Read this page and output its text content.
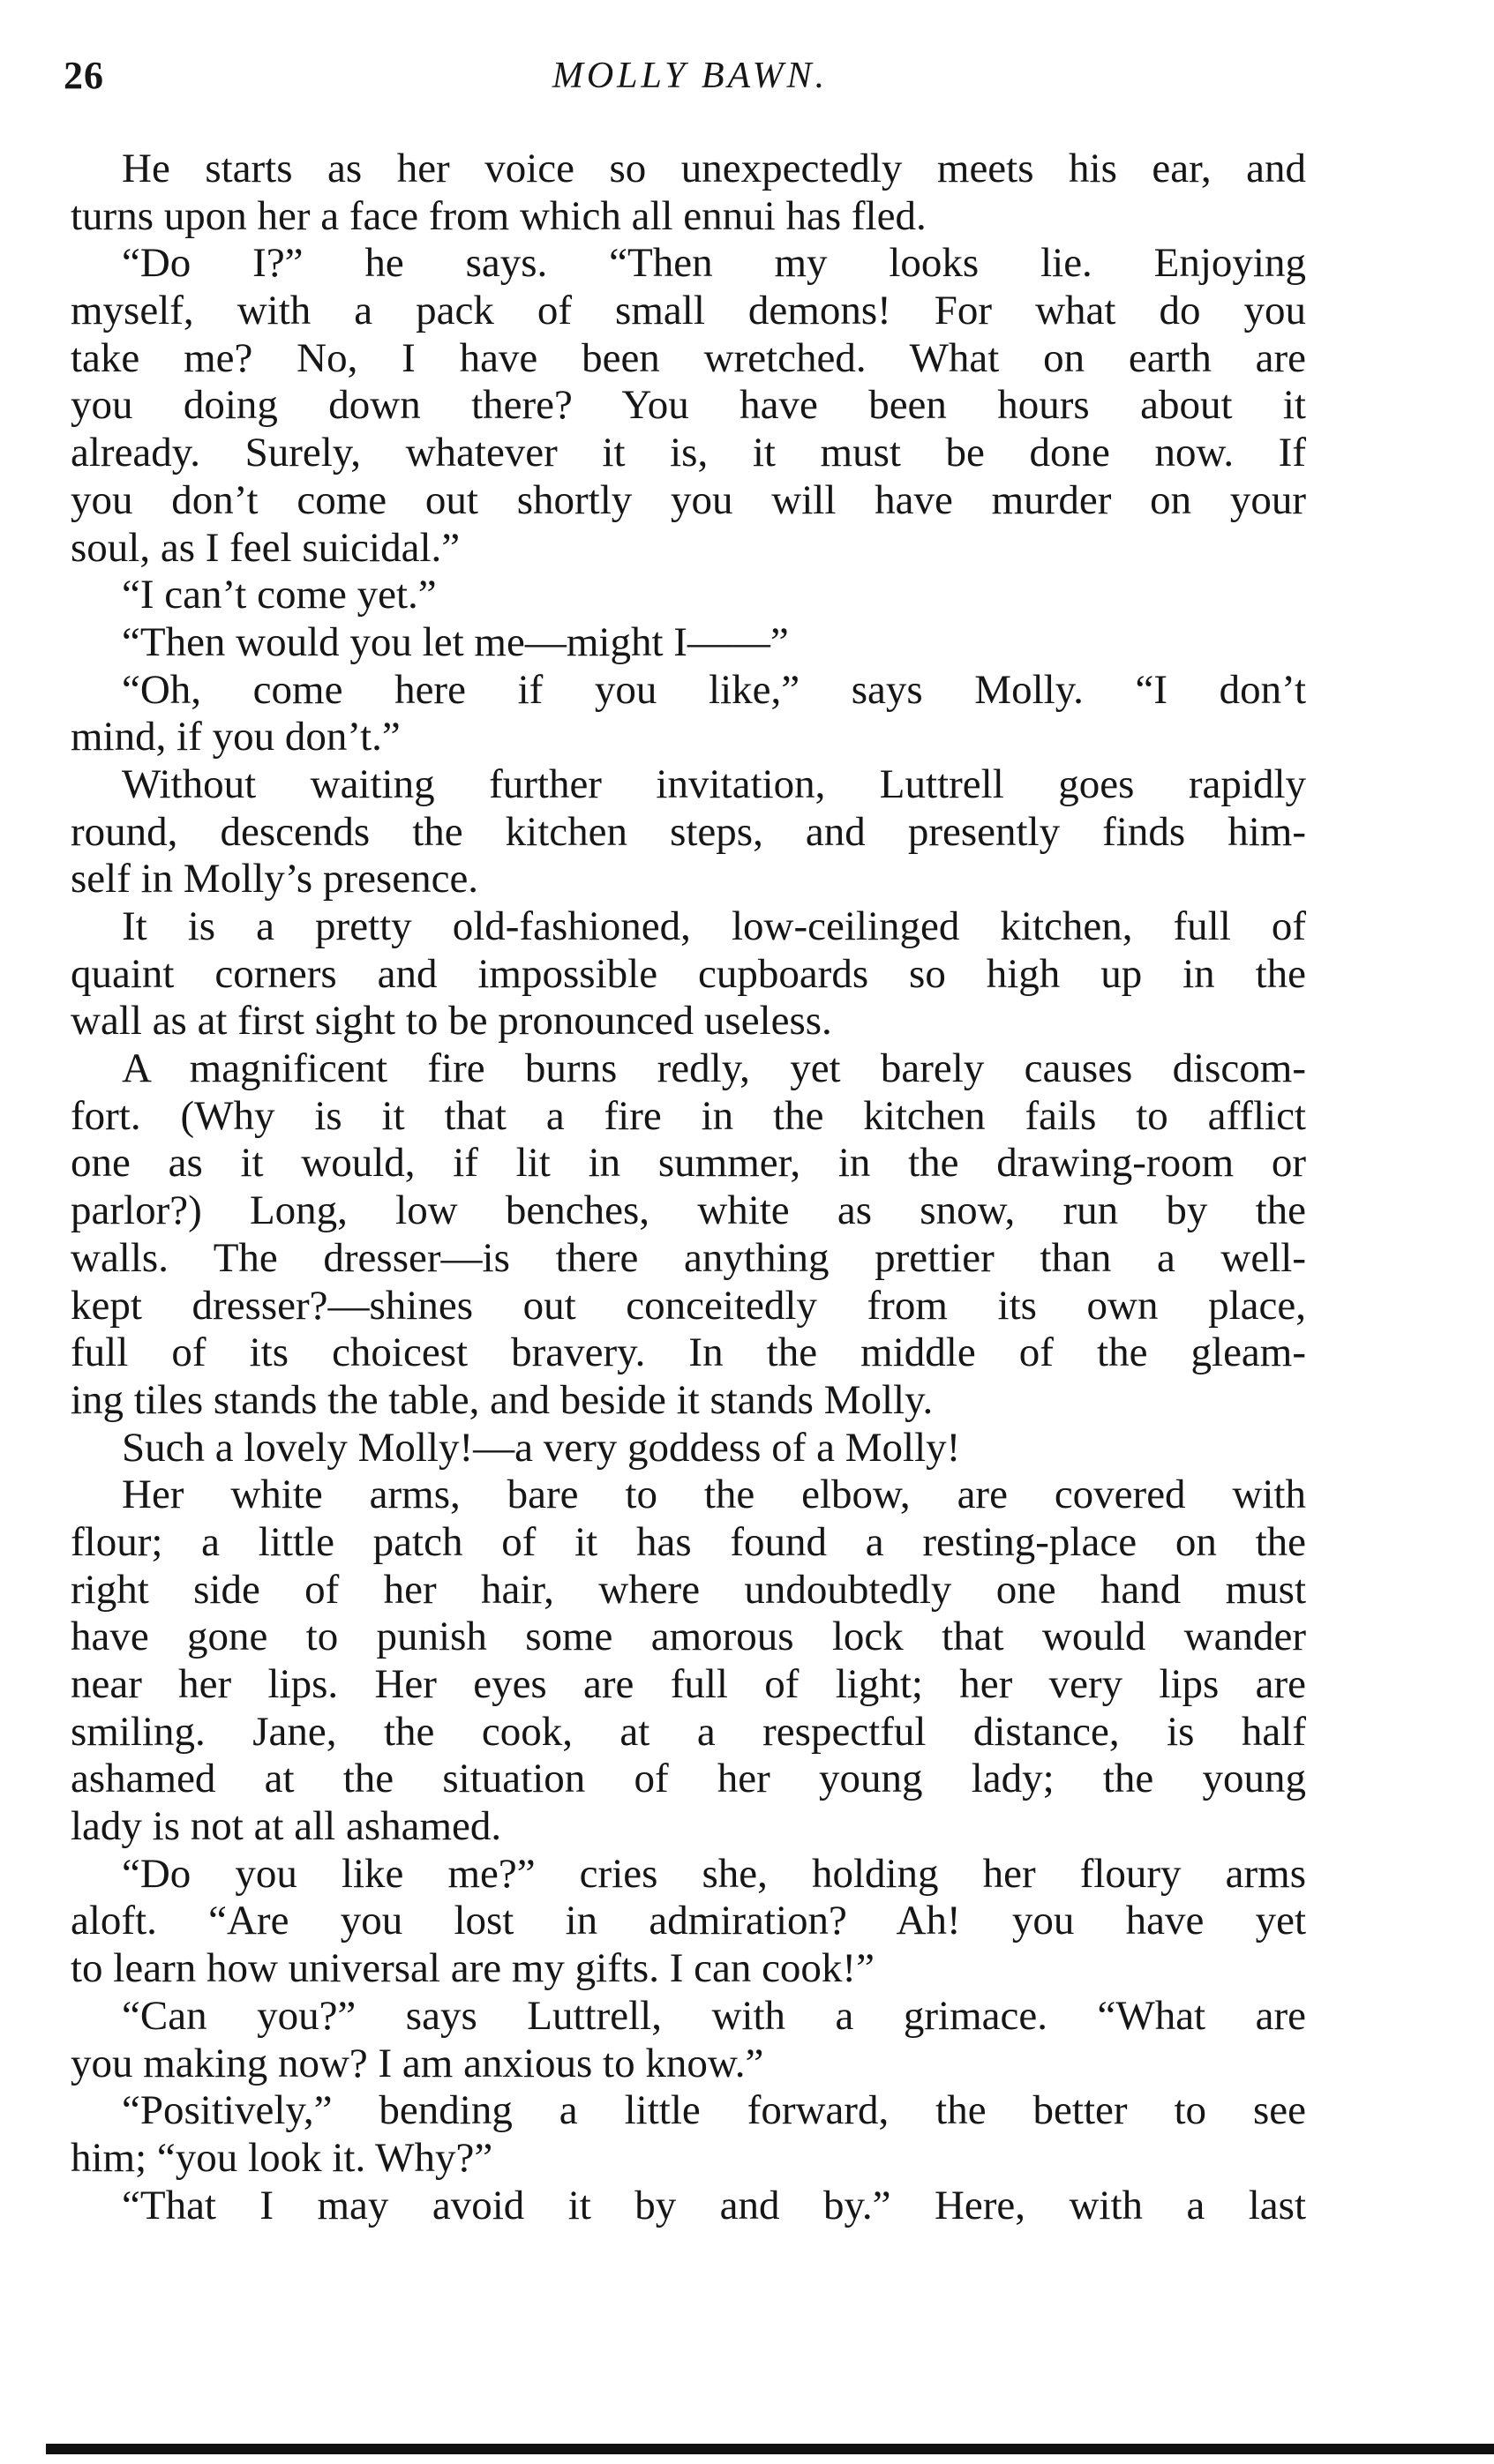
26	MOLLY BAWN.
He starts as her voice so unexpectedly meets his ear, and
turns upon her a face from which all ennui has fled.
“Do I?” he says. “Then my looks lie. Enjoying
myself, with a pack of small demons! For what do you
take me? No, I have been wretched. What on earth are
you doing down there? You have been hours about it
already. Surely, whatever it is, it must be done now. If
you don’t come out shortly you will have murder on your
soul, as I feel suicidal.”
“I can’t come yet.”
“Then would you let me—might I——”
“Oh, come here if you like,” says Molly. “I don’t
mind, if you don’t.”
Without waiting further invitation, Luttrell goes rapidly
round, descends the kitchen steps, and presently finds him-
self in Molly’s presence.
It is a pretty old-fashioned, low-ceilinged kitchen, full of
quaint corners and impossible cupboards so high up in the
wall as at first sight to be pronounced useless.
A magnificent fire burns redly, yet barely causes discom-
fort. (Why is it that a fire in the kitchen fails to afflict
one as it would, if lit in summer, in the drawing-room or
parlor?) Long, low benches, white as snow, run by the
walls. The dresser—is there anything prettier than a well-
kept dresser?—shines out conceitedly from its own place,
full of its choicest bravery. In the middle of the gleam-
ing tiles stands the table, and beside it stands Molly.
Such a lovely Molly!—a very goddess of a Molly!
Her white arms, bare to the elbow, are covered with
flour; a little patch of it has found a resting-place on the
right side of her hair, where undoubtedly one hand must
have gone to punish some amorous lock that would wander
near her lips. Her eyes are full of light; her very lips are
smiling. Jane, the cook, at a respectful distance, is half
ashamed at the situation of her young lady; the young
lady is not at all ashamed.
“Do you like me?” cries she, holding her floury arms
aloft. “Are you lost in admiration? Ah! you have yet
to learn how universal are my gifts. I can cook!”
“Can you?” says Luttrell, with a grimace. “What are
you making now? I am anxious to know.”
“Positively,” bending a little forward, the better to see
him; “you look it. Why?”
“That I may avoid it by and by.” Here, with a last
